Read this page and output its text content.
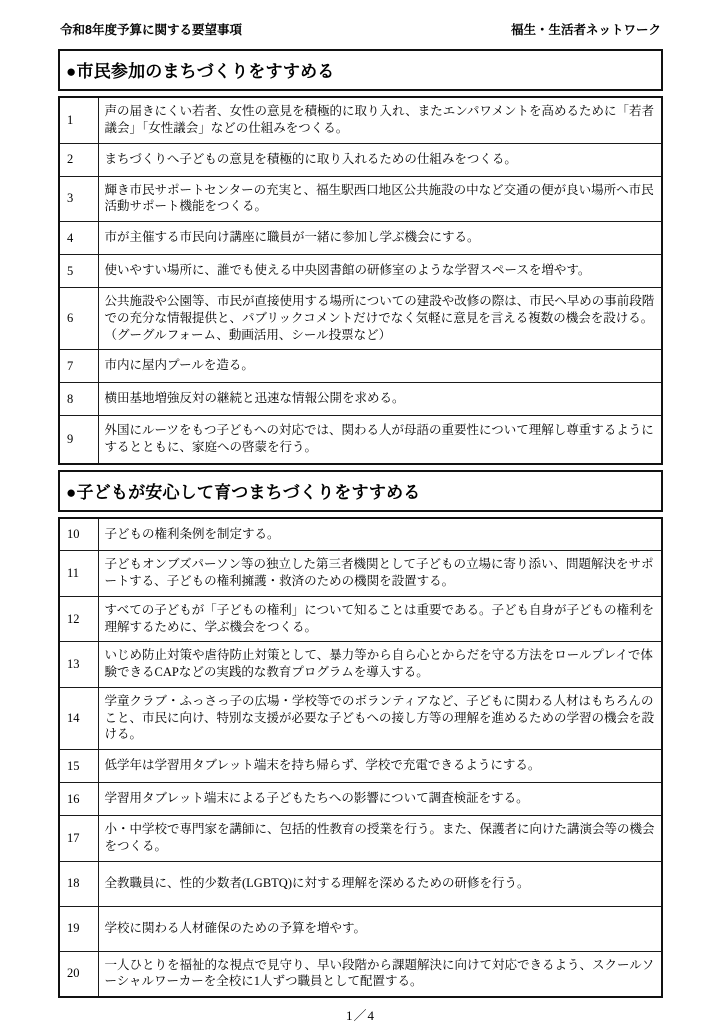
令和8年度予算に関する要望事項	福生・生活者ネットワーク
●市民参加のまちづくりをすすめる
1	声の届きにくい若者、女性の意見を積極的に取り入れ、またエンパワメントを高めるために「若者議会」「女性議会」などの仕組みをつくる。
2	まちづくりへ子どもの意見を積極的に取り入れるための仕組みをつくる。
3	輝き市民サポートセンターの充実と、福生駅西口地区公共施設の中など交通の便が良い場所へ市民活動サポート機能をつくる。
4	市が主催する市民向け講座に職員が一緒に参加し学ぶ機会にする。
5	使いやすい場所に、誰でも使える中央図書館の研修室のような学習スペースを増やす。
6	公共施設や公園等、市民が直接使用する場所についての建設や改修の際は、市民へ早めの事前段階での充分な情報提供と、パブリックコメントだけでなく気軽に意見を言える複数の機会を設ける。（グーグルフォーム、動画活用、シール投票など）
7	市内に屋内プールを造る。
8	横田基地増強反対の継続と迅速な情報公開を求める。
9	外国にルーツをもつ子どもへの対応では、関わる人が母語の重要性について理解し尊重するようにするとともに、家庭への啓蒙を行う。
●子どもが安心して育つまちづくりをすすめる
10	子どもの権利条例を制定する。
11	子どもオンブズパーソン等の独立した第三者機関として子どもの立場に寄り添い、問題解決をサポートする、子どもの権利擁護・救済のための機関を設置する。
12	すべての子どもが「子どもの権利」について知ることは重要である。子ども自身が子どもの権利を理解するために、学ぶ機会をつくる。
13	いじめ防止対策や虐待防止対策として、暴力等から自ら心とからだを守る方法をロールプレイで体験できるCAPなどの実践的な教育プログラムを導入する。
14	学童クラブ・ふっさっ子の広場・学校等でのボランティアなど、子どもに関わる人材はもちろんのこと、市民に向け、特別な支援が必要な子どもへの接し方等の理解を進めるための学習の機会を設ける。
15	低学年は学習用タブレット端末を持ち帰らず、学校で充電できるようにする。
16	学習用タブレット端末による子どもたちへの影響について調査検証をする。
17	小・中学校で専門家を講師に、包括的性教育の授業を行う。また、保護者に向けた講演会等の機会をつくる。
18	全教職員に、性的少数者(LGBTQ)に対する理解を深めるための研修を行う。
19	学校に関わる人材確保のための予算を増やす。
20	一人ひとりを福祉的な視点で見守り、早い段階から課題解決に向けて対応できるよう、スクールソーシャルワーカーを全校に1人ずつ職員として配置する。
1／4
